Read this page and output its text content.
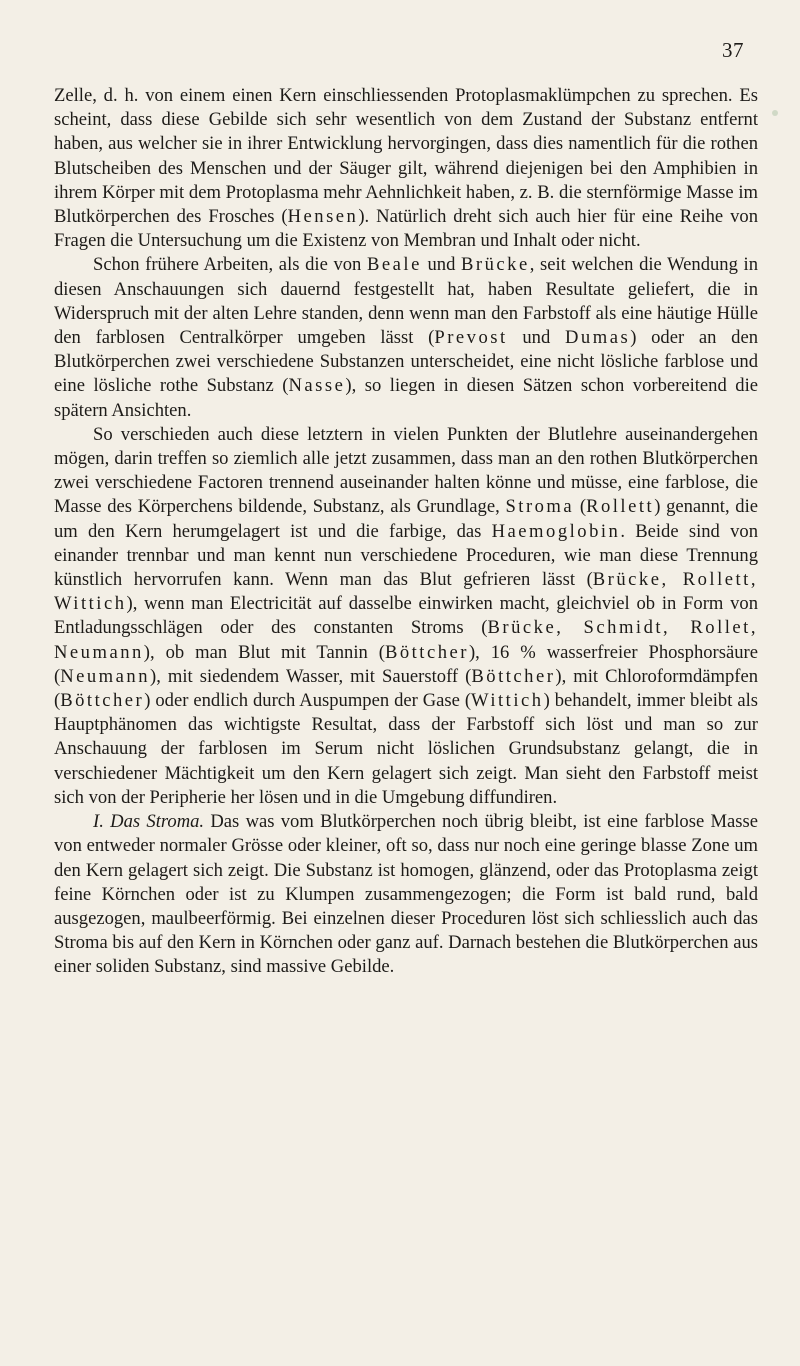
37

Zelle, d. h. von einem einen Kern einschliessenden Protoplasmaklümpchen zu sprechen. Es scheint, dass diese Gebilde sich sehr wesentlich von dem Zustand der Substanz entfernt haben, aus welcher sie in ihrer Entwicklung hervorgingen, dass dies namentlich für die rothen Blutscheiben des Menschen und der Säuger gilt, während diejenigen bei den Amphibien in ihrem Körper mit dem Protoplasma mehr Aehnlichkeit haben, z. B. die sternförmige Masse im Blutkörperchen des Frosches (Hensen). Natürlich dreht sich auch hier für eine Reihe von Fragen die Untersuchung um die Existenz von Membran und Inhalt oder nicht.

Schon frühere Arbeiten, als die von Beale und Brücke, seit welchen die Wendung in diesen Anschauungen sich dauernd festgestellt hat, haben Resultate geliefert, die in Widerspruch mit der alten Lehre standen, denn wenn man den Farbstoff als eine häutige Hülle den farblosen Centralkörper umgeben lässt (Prevost und Dumas) oder an den Blutkörperchen zwei verschiedene Substanzen unterscheidet, eine nicht lösliche farblose und eine lösliche rothe Substanz (Nasse), so liegen in diesen Sätzen schon vorbereitend die spätern Ansichten.

So verschieden auch diese letztern in vielen Punkten der Blutlehre auseinandergehen mögen, darin treffen so ziemlich alle jetzt zusammen, dass man an den rothen Blutkörperchen zwei verschiedene Factoren trennend auseinander halten könne und müsse, eine farblose, die Masse des Körperchens bildende, Substanz, als Grundlage, Stroma (Rollett) genannt, die um den Kern herumgelagert ist und die farbige, das Haemoglobin. Beide sind von einander trennbar und man kennt nun verschiedene Proceduren, wie man diese Trennung künstlich hervorrufen kann. Wenn man das Blut gefrieren lässt (Brücke, Rollett, Wittich), wenn man Electricität auf dasselbe einwirken macht, gleichviel ob in Form von Entladungsschlägen oder des constanten Stroms (Brücke, Schmidt, Rollet, Neumann), ob man Blut mit Tannin (Böttcher), 16 % wasserfreier Phosphorsäure (Neumann), mit siedendem Wasser, mit Sauerstoff (Böttcher), mit Chloroformdämpfen (Böttcher) oder endlich durch Auspumpen der Gase (Wittich) behandelt, immer bleibt als Hauptphänomen das wichtigste Resultat, dass der Farbstoff sich löst und man so zur Anschauung der farblosen im Serum nicht löslichen Grundsubstanz gelangt, die in verschiedener Mächtigkeit um den Kern gelagert sich zeigt. Man sieht den Farbstoff meist sich von der Peripherie her lösen und in die Umgebung diffundiren.

I. Das Stroma. Das was vom Blutkörperchen noch übrig bleibt, ist eine farblose Masse von entweder normaler Grösse oder kleiner, oft so, dass nur noch eine geringe blasse Zone um den Kern gelagert sich zeigt. Die Substanz ist homogen, glänzend, oder das Protoplasma zeigt feine Körnchen oder ist zu Klumpen zusammengezogen; die Form ist bald rund, bald ausgezogen, maulbeerförmig. Bei einzelnen dieser Proceduren löst sich schliesslich auch das Stroma bis auf den Kern in Körnchen oder ganz auf. Darnach bestehen die Blutkörperchen aus einer soliden Substanz, sind massive Gebilde.
